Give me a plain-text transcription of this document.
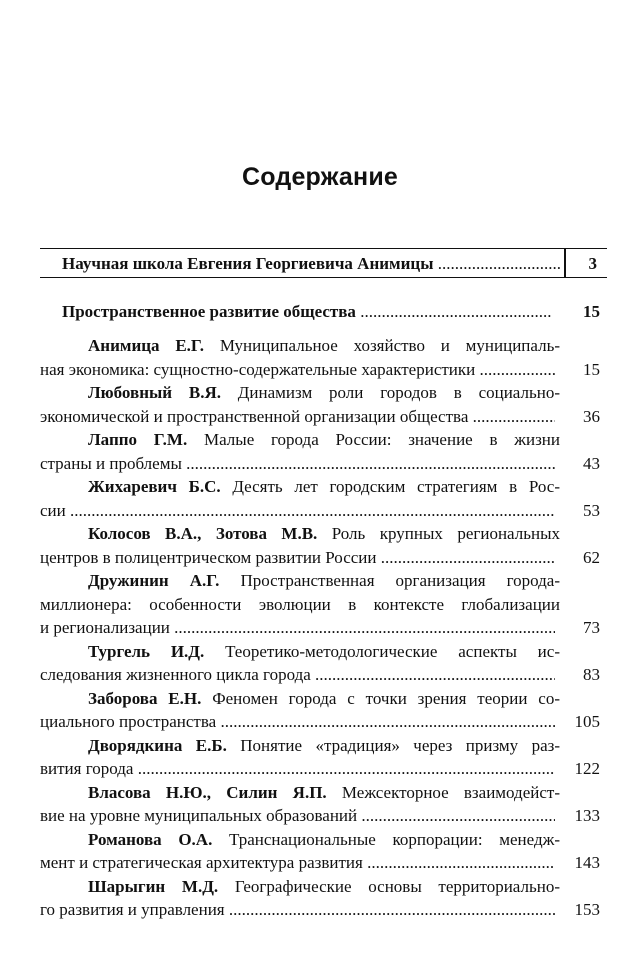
Содержание
Научная школа Евгения Георгиевича Анимицы .....	3
Пространственное развитие общества .....	15
Анимица Е.Г. Муниципальное хозяйство и муниципаль-
ная экономика: сущностно-содержательные характеристики .....	15
Любовный В.Я. Динамизм роли городов в социально-
экономической и пространственной организации общества .....	36
Лаппо Г.М. Малые города России: значение в жизни
страны и проблемы .....	43
Жихаревич Б.С. Десять лет городским стратегиям в Рос-
сии .....	53
Колосов В.А., Зотова М.В. Роль крупных региональных
центров в полицентрическом развитии России .....	62
Дружинин А.Г. Пространственная организация города-
миллионера: особенности эволюции в контексте глобализации
и регионализации .....	73
Тургель И.Д. Теоретико-методологические аспекты ис-
следования жизненного цикла города .....	83
Заборова Е.Н. Феномен города с точки зрения теории со-
циального пространства .....	105
Дворядкина Е.Б. Понятие «традиция» через призму раз-
вития города .....	122
Власова Н.Ю., Силин Я.П. Межсекторное взаимодейст-
вие на уровне муниципальных образований .....	133
Романова О.А. Транснациональные корпорации: менедж-
мент и стратегическая архитектура развития .....	143
Шарыгин М.Д. Географические основы территориально-
го развития и управления .....	153
